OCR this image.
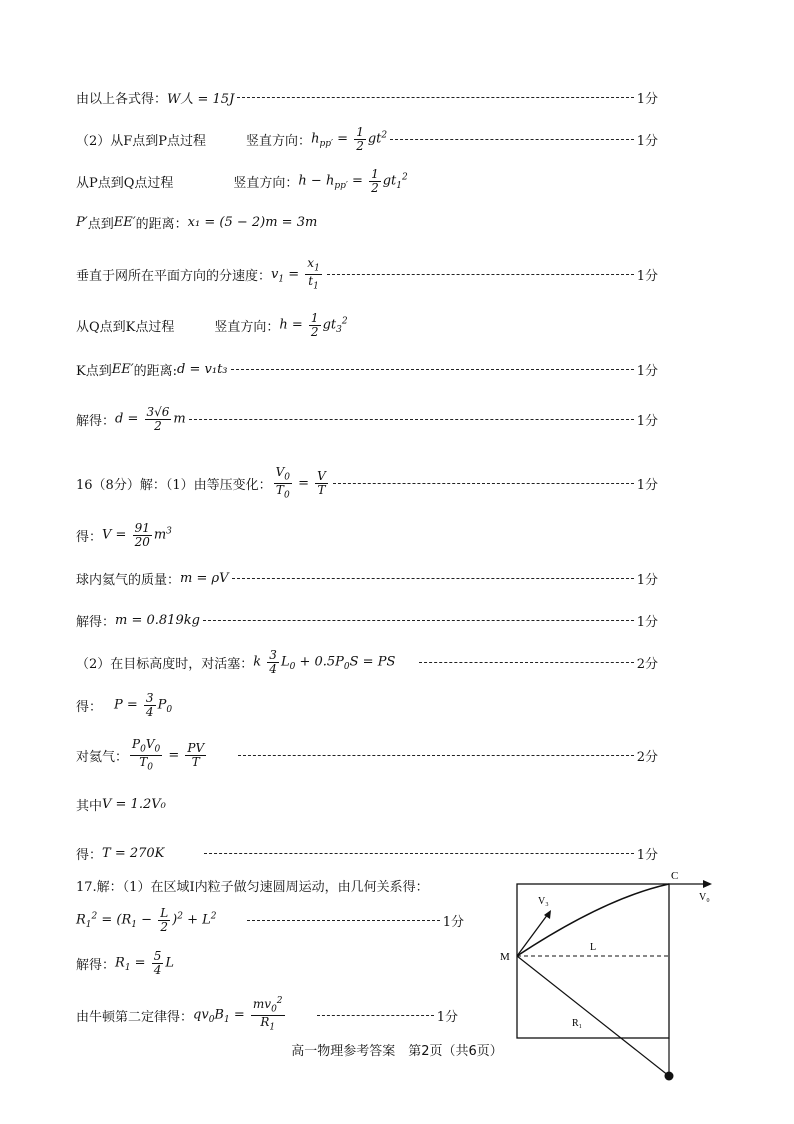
由以上各式得： W人 = 15J	1分
（2）从F点到P点过程	竖直方向： $h_{pp'} = \frac{1}{2} gt^2$	1分
从P点到Q点过程	竖直方向： $h - h_{pp'} = \frac{1}{2} gt_1^2$
P′ 点到 EE′ 的距离： x₁ = (5 − 2)m = 3m
垂直于网所在平面方向的分速度： $v_1 = \frac{x_1}{t_1}$	1分
从Q点到K点过程	竖直方向： $h = \frac{1}{2} gt_3^2$
K点到 EE′ 的距离: d = v₁t₃	1分
解得： $d = \frac{3√6}{2}$ m	1分
16（8分）解：（1）由等压变化： $\frac{V_0}{T_0} = \frac{V}{T}$	1分
得： $V = \frac{91}{20} m^3$
球内氦气的质量： m = ρV	1分
解得： m = 0.819kg	1分
（2）在目标高度时，对活塞： k $\frac{3}{4} L_0 + 0.5P_0S$ = PS	2分
得： $P = \frac{3}{4} P_0$
对氦气： $\frac{P_0V_0}{T_0} = \frac{PV}{T}$	2分
其中 V = 1.2V₀
得： T = 270K	1分
17.解：（1）在区域Ⅰ内粒子做匀速圆周运动，由几何关系得：
$R_1^2 = (R_1 - \frac{L}{2} )^2 + L^2$	1分
解得： $R_1 = \frac{5}{4}$ L
由牛顿第二定律得： $qv_0B_1 = \frac{mv_0^2}{R_1}$	1分
C
V₀
V₃
M
L
R₁
高一物理参考答案　第2页（共6页）
